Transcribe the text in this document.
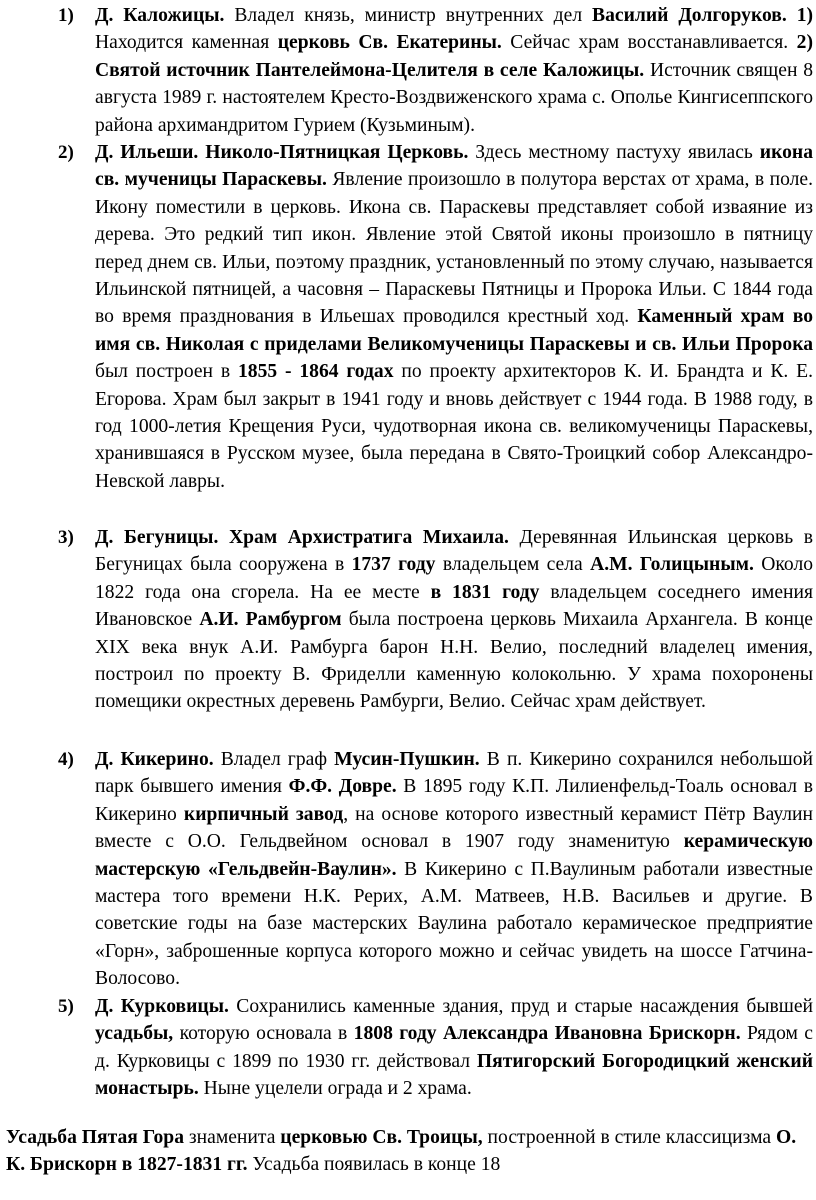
1) Д. Каложицы. Владел князь, министр внутренних дел Василий Долгоруков. 1) Находится каменная церковь Св. Екатерины. Сейчас храм восстанавливается. 2) Святой источник Пантелеймона-Целителя в селе Каложицы. Источник священ 8 августа 1989 г. настоятелем Кресто-Воздвиженского храма с. Ополье Кингисеппского района архимандритом Гурием (Кузьминым).
2) Д. Ильеши. Николо-Пятницкая Церковь. Здесь местному пастуху явилась икона св. мученицы Параскевы. Явление произошло в полутора верстах от храма, в поле. Икону поместили в церковь. Икона св. Параскевы представляет собой изваяние из дерева. Это редкий тип икон. Явление этой Святой иконы произошло в пятницу перед днем св. Ильи, поэтому праздник, установленный по этому случаю, называется Ильинской пятницей, а часовня – Параскевы Пятницы и Пророка Ильи. С 1844 года во время празднования в Ильешах проводился крестный ход. Каменный храм во имя св. Николая с приделами Великомученицы Параскевы и св. Ильи Пророка был построен в 1855 - 1864 годах по проекту архитекторов К. И. Брандта и К. Е. Егорова. Храм был закрыт в 1941 году и вновь действует с 1944 года. В 1988 году, в год 1000-летия Крещения Руси, чудотворная икона св. великомученицы Параскевы, хранившаяся в Русском музее, была передана в Свято-Троицкий собор Александро-Невской лавры.
3) Д. Бегуницы. Храм Архистратига Михаила. Деревянная Ильинская церковь в Бегуницах была сооружена в 1737 году владельцем села А.М. Голицыным. Около 1822 года она сгорела. На ее месте в 1831 году владельцем соседнего имения Ивановское А.И. Рамбургом была построена церковь Михаила Архангела. В конце XIX века внук А.И. Рамбурга барон Н.Н. Велио, последний владелец имения, построил по проекту В. Фриделли каменную колокольню. У храма похоронены помещики окрестных деревень Рамбурги, Велио. Сейчас храм действует.
4) Д. Кикерино. Владел граф Мусин-Пушкин. В п. Кикерино сохранился небольшой парк бывшего имения Ф.Ф. Довре. В 1895 году К.П. Лилиенфельд-Тоаль основал в Кикерино кирпичный завод, на основе которого известный керамист Пётр Ваулин вместе с О.О. Гельдвейном основал в 1907 году знаменитую керамическую мастерскую «Гельдвейн-Ваулин». В Кикерино с П.Ваулиным работали известные мастера того времени Н.К. Рерих, А.М. Матвеев, Н.В. Васильев и другие. В советские годы на базе мастерских Ваулина работало керамическое предприятие «Горн», заброшенные корпуса которого можно и сейчас увидеть на шоссе Гатчина-Волосово.
5) Д. Курковицы. Сохранились каменные здания, пруд и старые насаждения бывшей усадьбы, которую основала в 1808 году Александра Ивановна Брискорн. Рядом с д. Курковицы с 1899 по 1930 гг. действовал Пятигорский Богородицкий женский монастырь. Ныне уцелели ограда и 2 храма.
Усадьба Пятая Гора знаменита церковью Св. Троицы, построенной в стиле классицизма О. К. Брискорн в 1827-1831 гг. Усадьба появилась в конце 18
